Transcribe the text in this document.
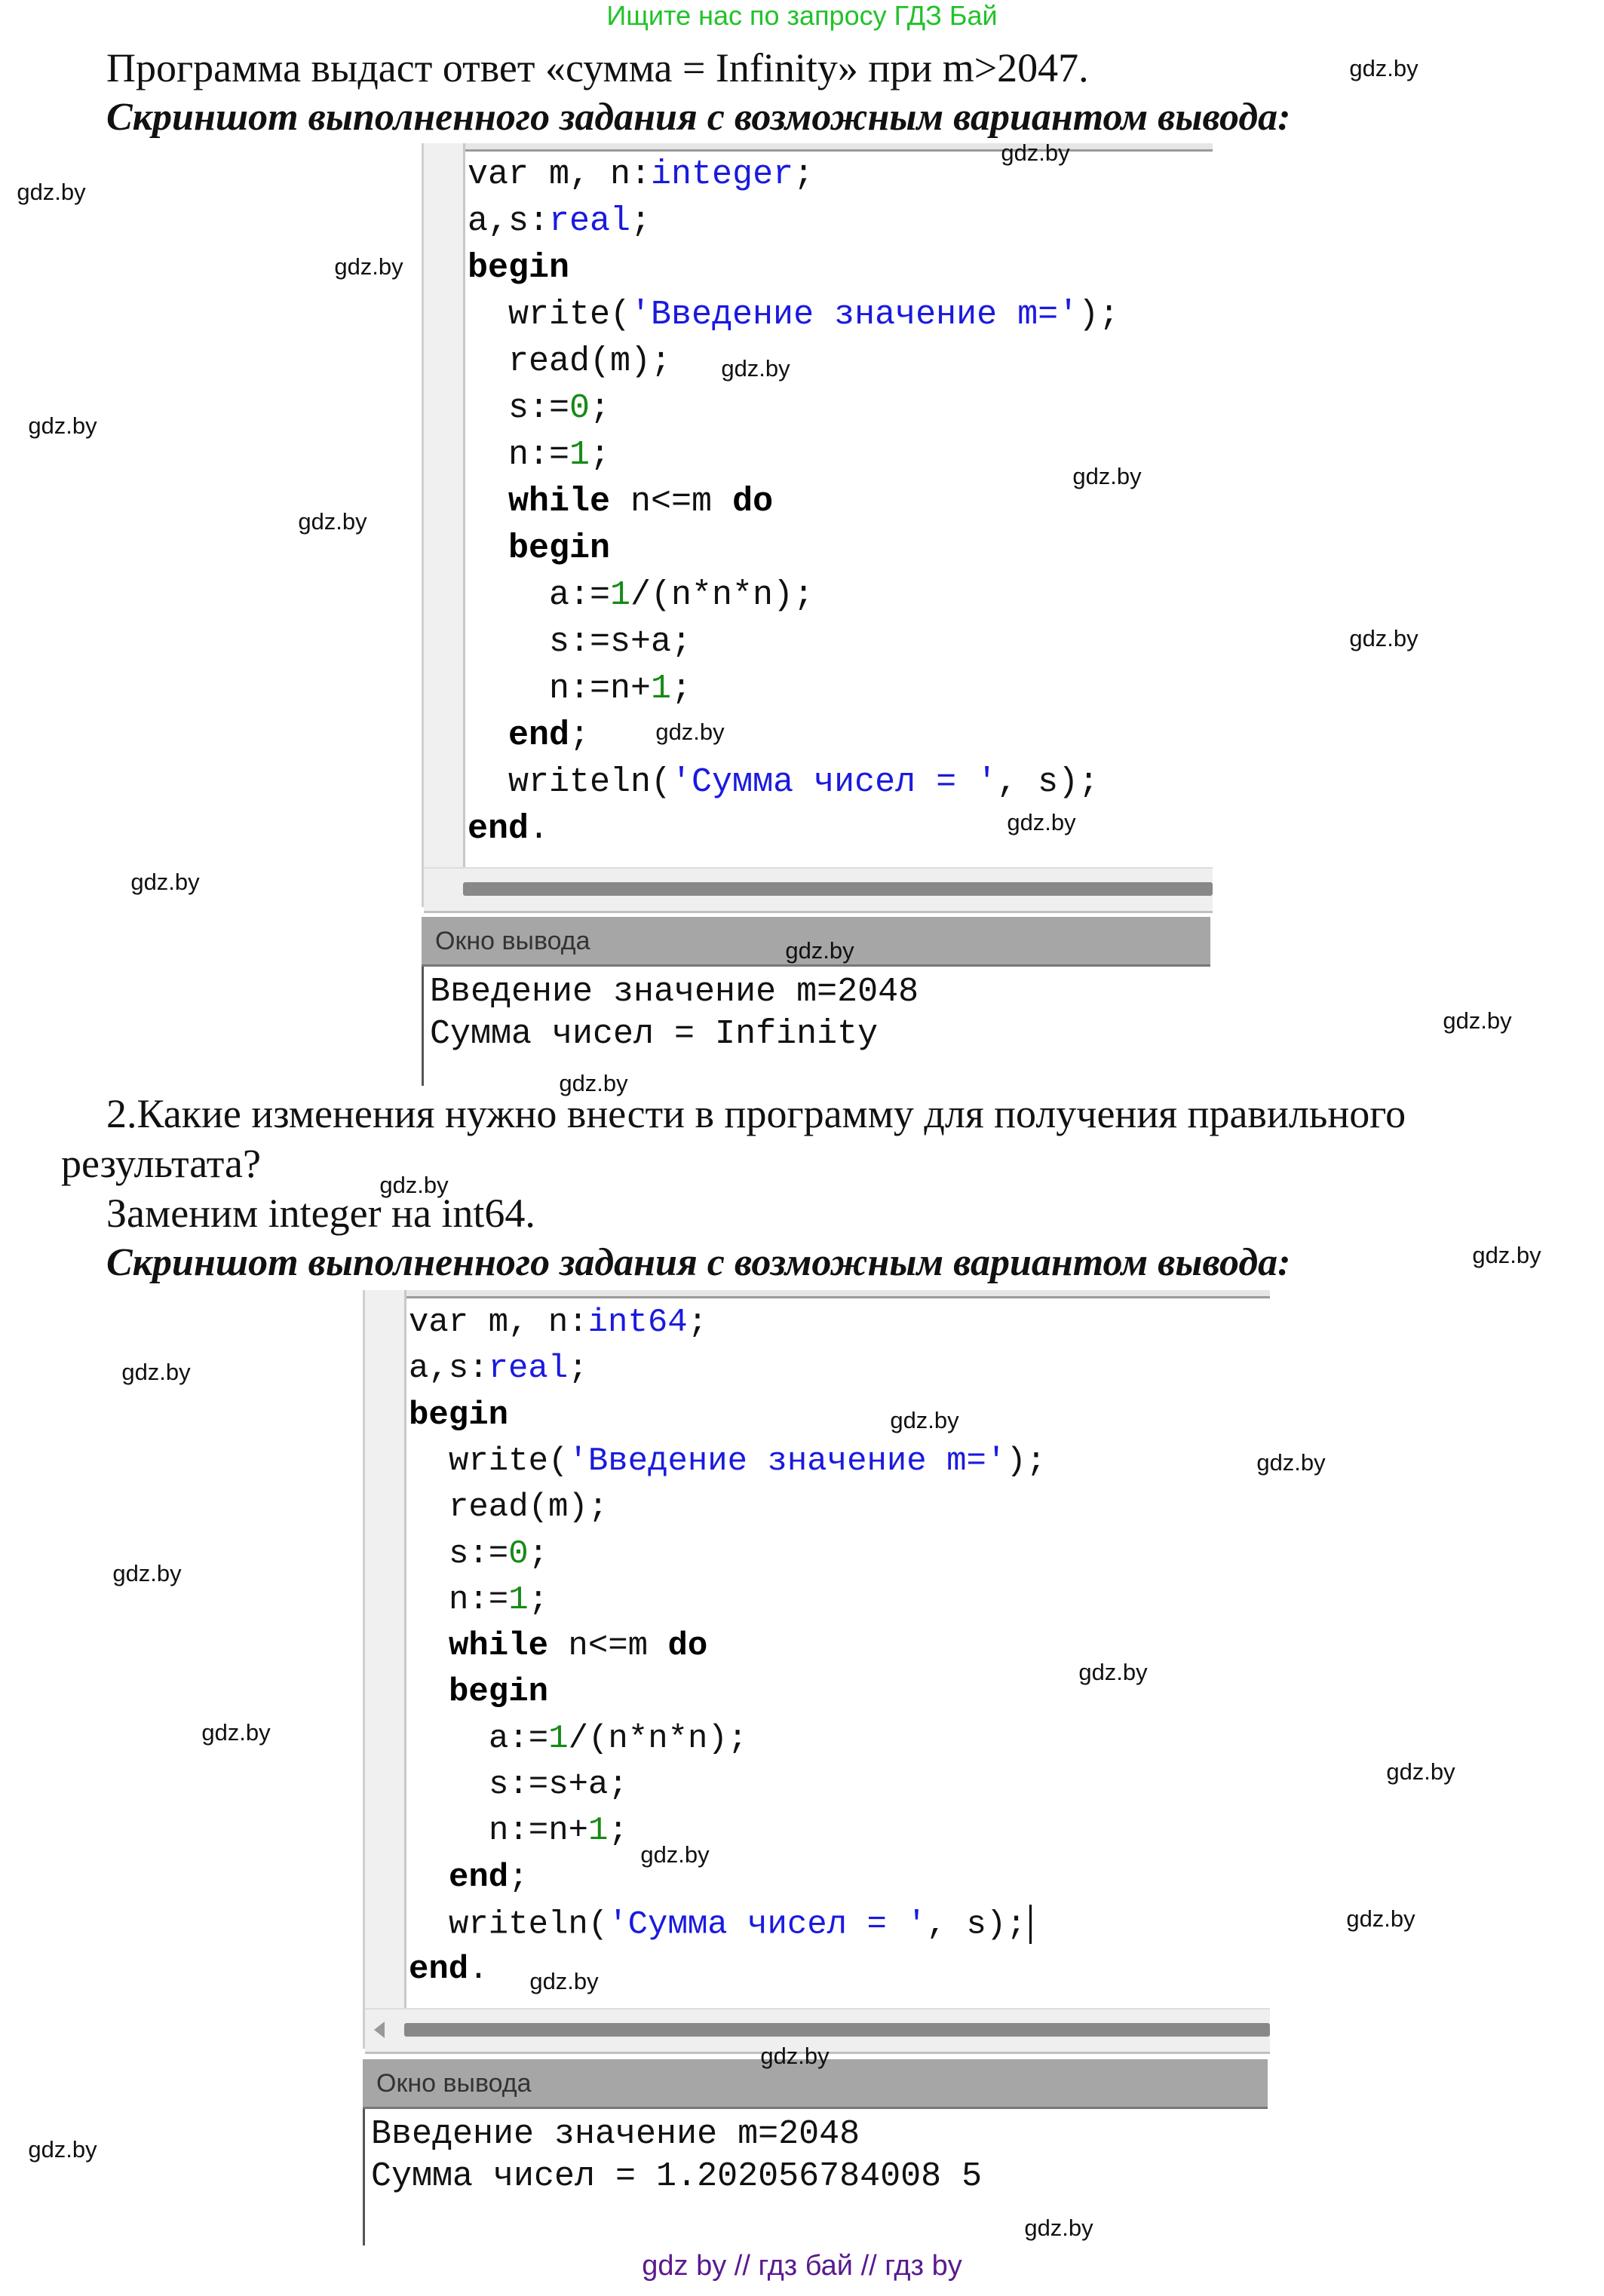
Ищите нас по запросу ГДЗ Бай
Программа выдаст ответ «сумма = Infinity» при m>2047.
Скриншот выполненного задания с возможным вариантом вывода:
var m, n:integer;
a,s:real;
begin
write('Введение значение m=');
read(m);
s:=0;
n:=1;
while n<=m do
begin
a:=1/(n*n*n);
s:=s+a;
n:=n+1;
end;
writeln('Сумма чисел = ', s);
end.
Окно вывода
Введение значение m=2048
Сумма чисел = Infinity
2.Какие изменения нужно внести в программу для получения правильного
результата?
Заменим integer на int64.
Скриншот выполненного задания с возможным вариантом вывода:
var m, n:int64;
a,s:real;
begin
write('Введение значение m=');
read(m);
s:=0;
n:=1;
while n<=m do
begin
a:=1/(n*n*n);
s:=s+a;
n:=n+1;
end;
writeln('Сумма чисел = ', s);
end.
Окно вывода
Введение значение m=2048
Сумма чисел = 1.202056784008 5
gdz by // гдз бай // гдз by
gdz.by
gdz.by
gdz.by
gdz.by
gdz.by
gdz.by
gdz.by
gdz.by
gdz.by
gdz.by
gdz.by
gdz.by
gdz.by
gdz.by
gdz.by
gdz.by
gdz.by
gdz.by
gdz.by
gdz.by
gdz.by
gdz.by
gdz.by
gdz.by
gdz.by
gdz.by
gdz.by
gdz.by
gdz.by
gdz.by
